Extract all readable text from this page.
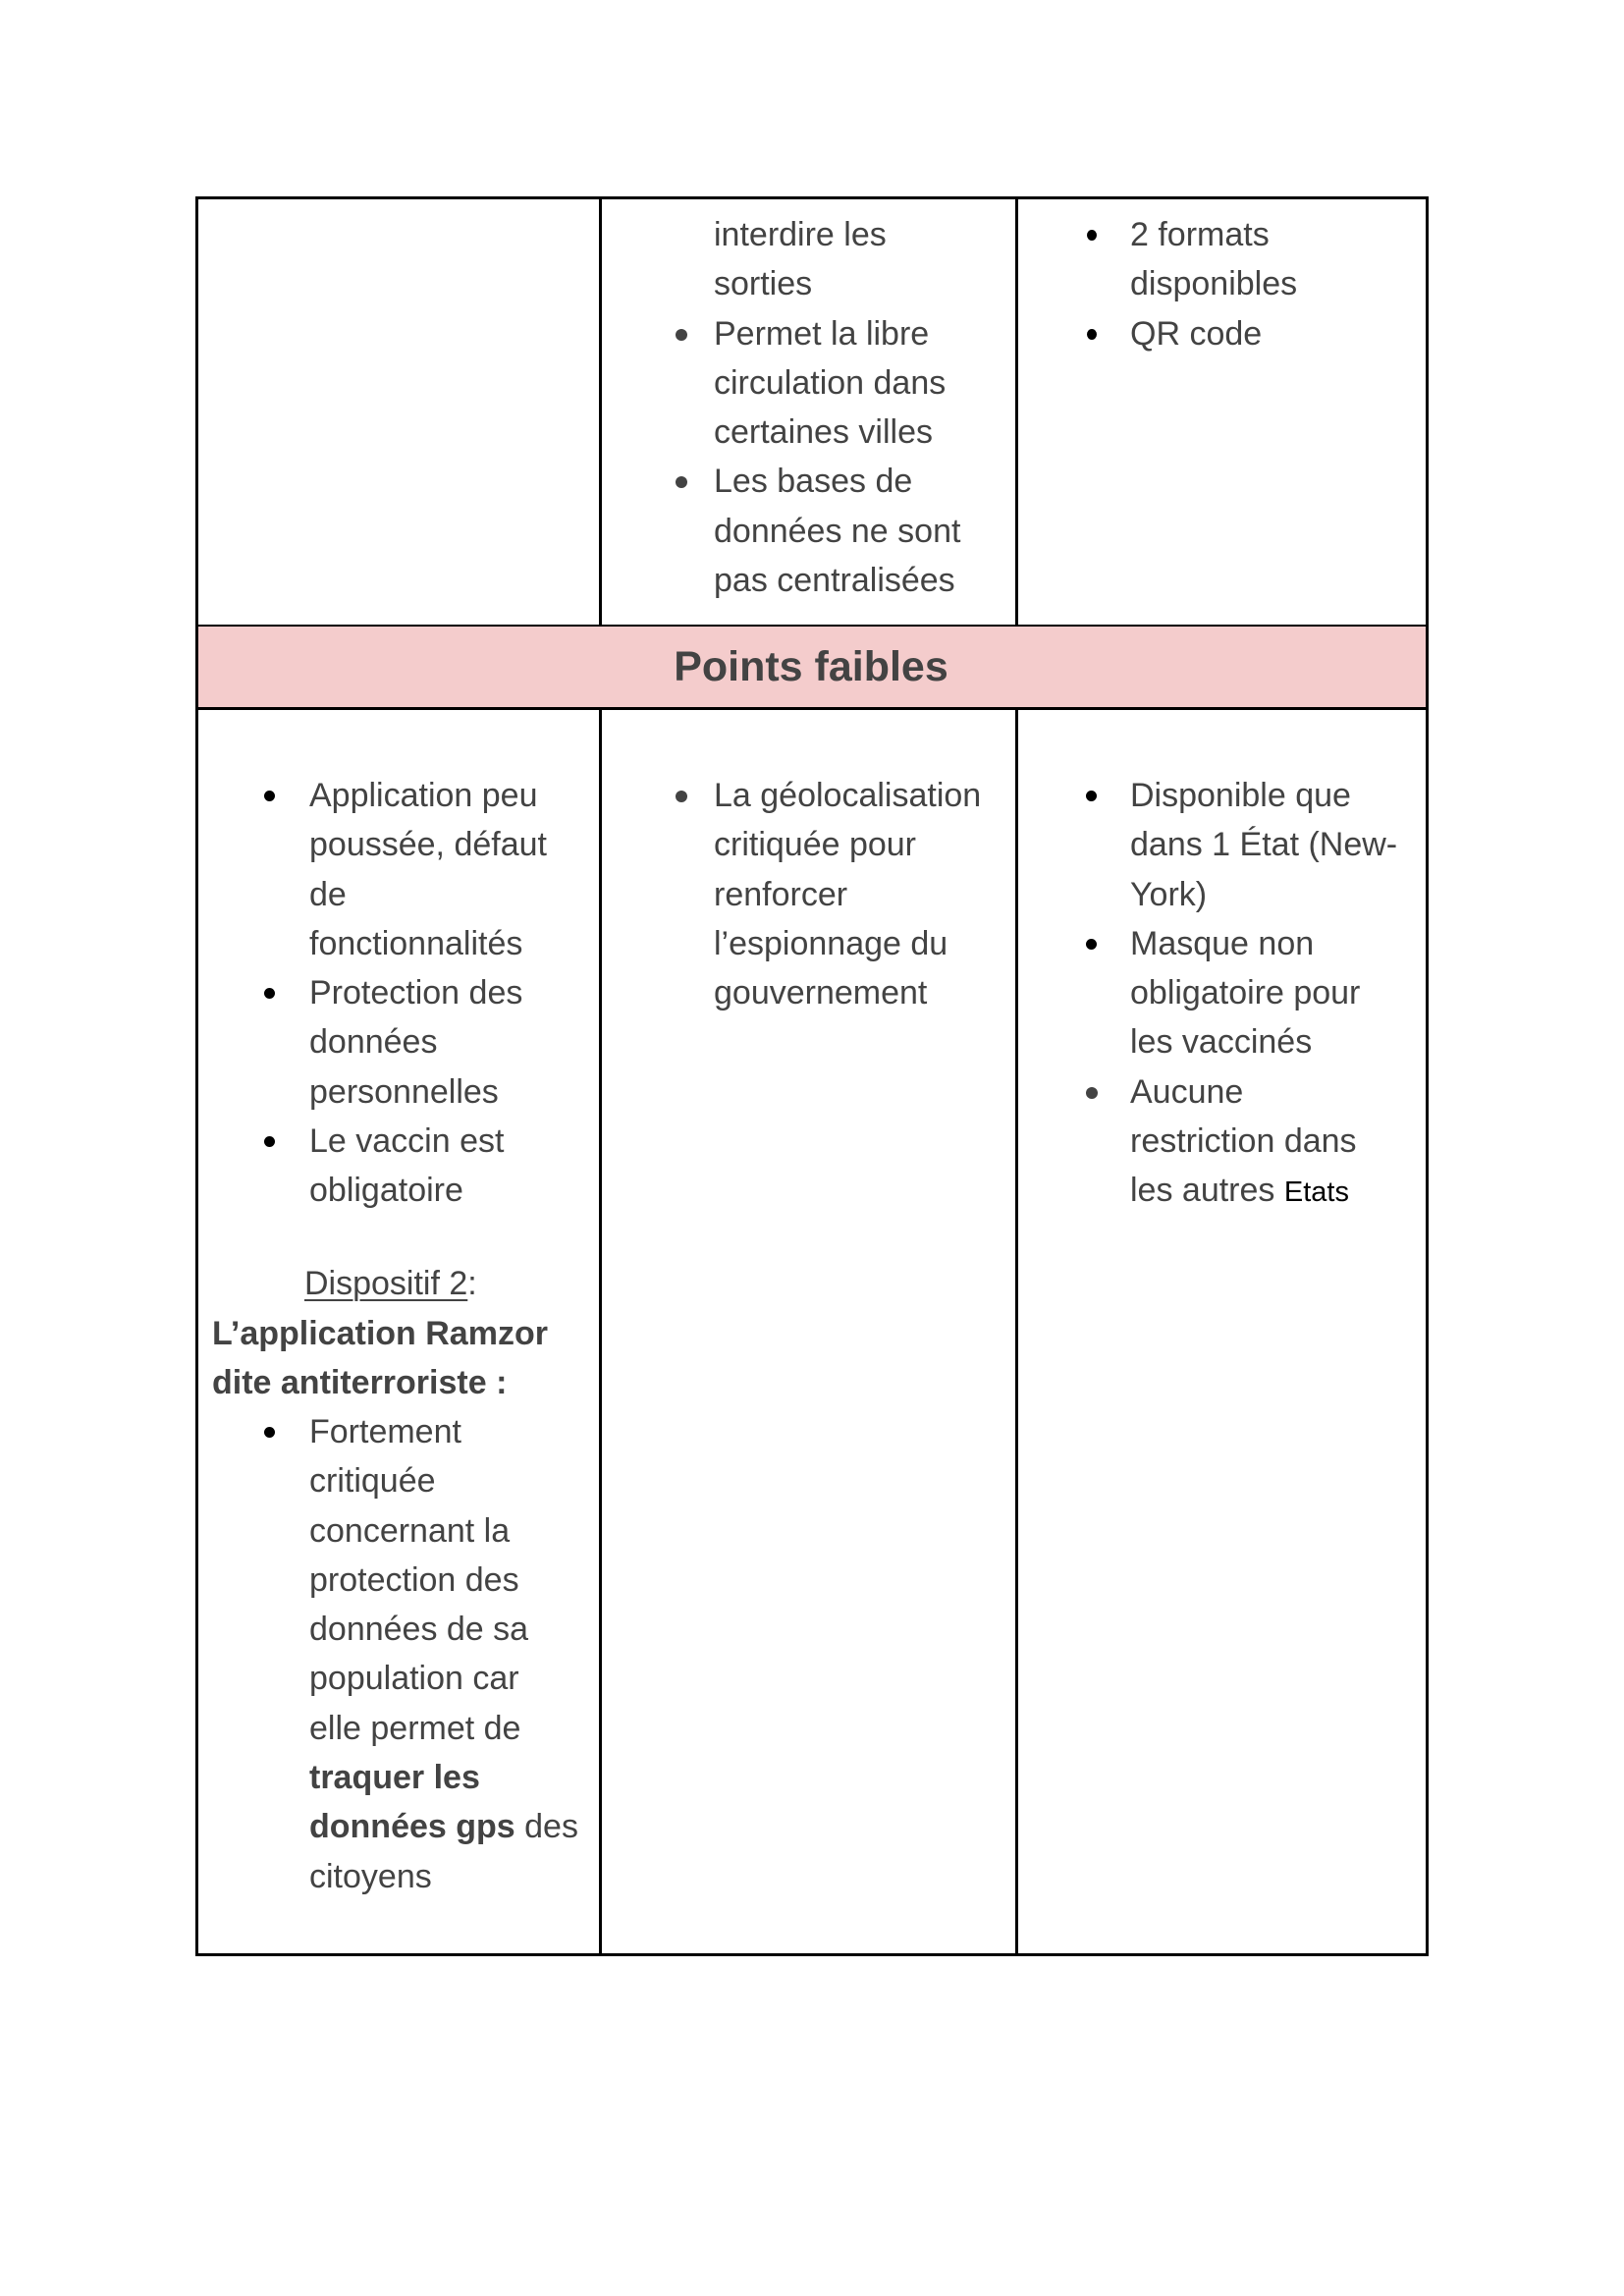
Points faibles
interdire les
sorties
Permet la libre
circulation dans
certaines villes
Les bases de
données ne sont
pas centralisées
2 formats
disponibles
QR code
Application peu
poussée, défaut
de
fonctionnalités
Protection des
données
personnelles
Le vaccin est
obligatoire
Dispositif 2:
L’application Ramzor
dite antiterroriste :
Fortement
critiquée
concernant la
protection des
données de sa
population car
elle permet de
traquer les
données gps des
citoyens
La géolocalisation
critiquée pour
renforcer
l’espionnage du
gouvernement
Disponible que
dans 1 État (New-
York)
Masque non
obligatoire pour
les vaccinés
Aucune
restriction dans
les autres Etats
